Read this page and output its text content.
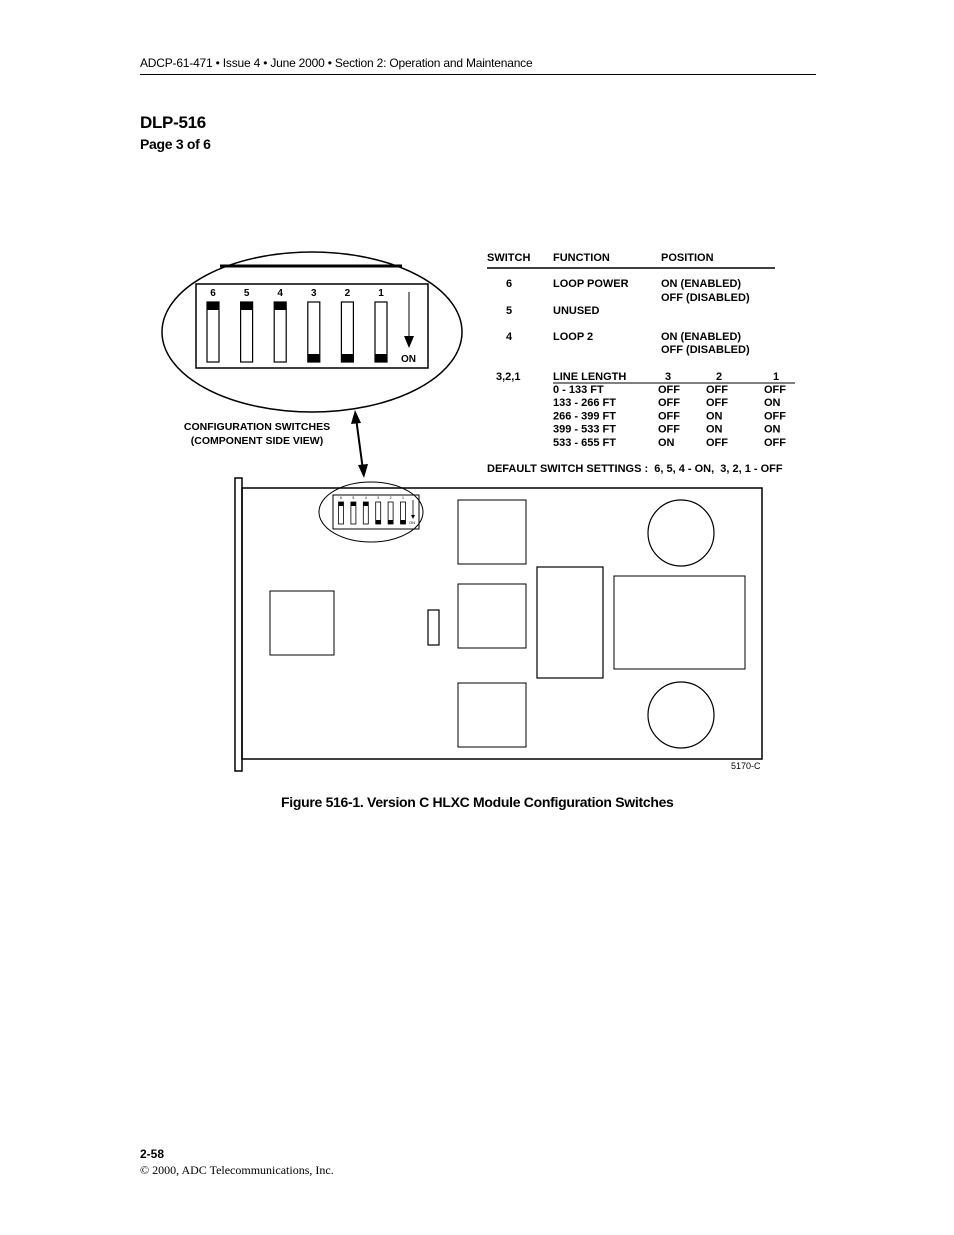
ADCP-61-471 • Issue 4 • June 2000 • Section 2: Operation and Maintenance
DLP-516
Page 3 of 6
6	5	4	3	2	1
ON
CONFIGURATION SWITCHES
(COMPONENT SIDE VIEW)
SWITCH FUNCTION	POSITION
6	LOOP POWER	ON (ENABLED)
OFF (DISABLED)
5	UNUSED
4	LOOP 2	ON (ENABLED)
OFF (DISABLED)
3,2,1	LINE LENGTH	3	2	1
0 - 133 FT	OFF OFF	OFF
133 - 266 FT	OFF OFF	ON
266 - 399 FT	OFF ON	OFF
399 - 533 FT	OFF ON	ON
533 - 655 FT	ON	OFF	OFF
DEFAULT SWITCH SETTINGS :  6, 5, 4 - ON,  3, 2, 1 - OFF
6	5	4	3	2	1
ON
5170-C
Figure 516-1. Version C HLXC Module Configuration Switches
2-58
© 2000, ADC Telecommunications, Inc.
